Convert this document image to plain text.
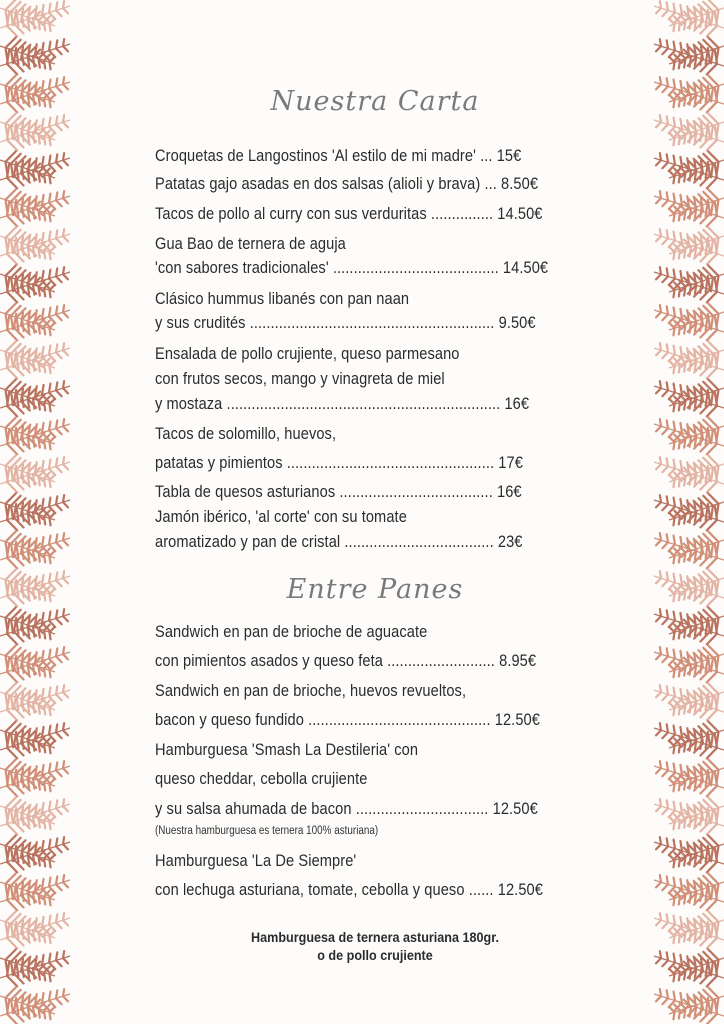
Nuestra Carta
Croquetas de Langostinos 'Al estilo de mi madre' ... 15€
Patatas gajo asadas en dos salsas (alioli y brava) ... 8.50€
Tacos de pollo al curry con sus verduritas ............... 14.50€
Gua Bao de ternera de aguja
'con sabores tradicionales' ........................................ 14.50€
Clásico hummus libanés con pan naan
y sus crudités ........................................................... 9.50€
Ensalada de pollo crujiente, queso parmesano
con frutos secos, mango y vinagreta de miel
y mostaza .................................................................. 16€
Tacos de solomillo, huevos,
patatas y pimientos .................................................. 17€
Tabla de quesos asturianos ..................................... 16€
Jamón ibérico, 'al corte' con su tomate
aromatizado y pan de cristal .................................... 23€
Entre Panes
Sandwich en pan de brioche de aguacate
con pimientos asados y queso feta .......................... 8.95€
Sandwich en pan de brioche, huevos revueltos,
bacon y queso fundido ............................................ 12.50€
Hamburguesa 'Smash La Destileria' con
queso cheddar, cebolla crujiente
y su salsa ahumada de bacon ................................ 12.50€
(Nuestra hamburguesa es ternera 100% asturiana)
Hamburguesa 'La De Siempre'
con lechuga asturiana, tomate, cebolla y queso ...... 12.50€
Hamburguesa de ternera asturiana 180gr.
o de pollo crujiente
